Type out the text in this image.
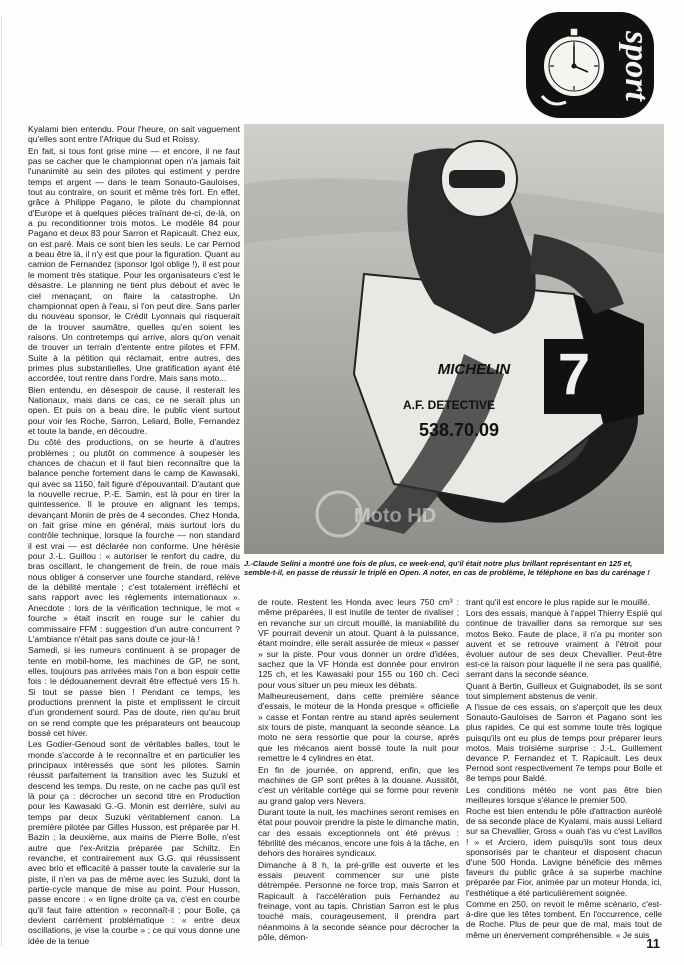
sport

Kyalami bien entendu. Pour l'heure, on sait vaguement qu'elles sont entre l'Afrique du Sud et Roissy.

En fait, si tous font grise mine — et encore, il ne faut pas se cacher que le championnat open n'a jamais fait l'unanimité au sein des pilotes qui estiment y perdre temps et argent — dans le team Sonauto-Gauloises, tout au contraire, on sourit et même très fort. En effet, grâce à Philippe Pagano, le pilote du championnat d'Europe et à quelques pièces traînant de-ci, de-là, on a pu reconditionner trois motos. Le modèle 84 pour Pagano et deux 83 pour Sarron et Rapicault. Chez eux, on est paré. Mais ce sont bien les seuls. Le car Pernod a beau être là, il n'y est que pour la figuration. Quant au camion de Fernandez (sponsor Igol oblige !), il est pour le moment très statique. Pour les organisateurs c'est le désastre. Le planning ne tient plus debout et avec le ciel menaçant, on flaire la catastrophe. Un championnat open à l'eau, si l'on peut dire. Sans parler du nouveau sponsor, le Crédit Lyonnais qui risquerait de la trouver saumâtre, quelles qu'en soient les raisons. Un contretemps qui arrive, alors qu'on venait de trouver un terrain d'entente entre pilotes et FFM. Suite à la pétition qui réclamait, entre autres, des primes plus substantielles. Une gratification ayant été accordée, tout rentre dans l'ordre. Mais sans moto...

Bien entendu, en désespoir de cause, il resterait les Nationaux, mais dans ce cas, ce ne serait plus un open. Et puis on a beau dire, le public vient surtout pour voir les Roche, Sarron, Leliard, Bolle, Fernandez et toute la bande, en découdre.

Du côté des productions, on se heurte à d'autres problèmes ; ou plutôt on commence à soupeser les chances de chacun et il faut bien reconnaître que la balance penche fortement dans le camp de Kawasaki, qui avec sa 1150, fait figure d'épouvantail. D'autant que la nouvelle recrue, P.-E. Samin, est là pour en tirer la quintessence. Il le prouve en alignant les temps, devançant Monin de près de 4 secondes. Chez Honda, on fait grise mine en général, mais surtout lors du contrôle technique, lorsque la fourche — non standard il est vrai — est déclarée non conforme. Une hérésie pour J.-L. Guillou : « autoriser le renfort du cadre, du bras oscillant, le changement de frein, de roue mais nous obliger à conserver une fourche standard, relève de la débilité mentale ; c'est totalement irréfléchi et sans rapport avec les règlements internationaux ». Anecdote : lors de la vérification technique, le mot « fourche » était inscrit en rouge sur le cahier du commissaire FFM : suggestion d'un autre concurrent ? L'ambiance n'était pas sans doute ce jour-là !

Samedi, si les rumeurs continuent à se propager de tente en mobil-home, les machines de GP, ne sont, elles, toujours pas arrivées mais l'on a bon espoir cette fois : le dédouanement devrait être effectué vers 15 h. Si tout se passe bien ! Pendant ce temps, les productions prennent la piste et emplissent le circuit d'un grondement sourd. Pas de doute, rien qu'au bruit on se rend compte que les préparateurs ont beaucoup bossé cet hiver.

Les Godier-Genoud sont de véritables balles, tout le monde s'accorde à le reconnaître et en particulier les principaux intéressés que sont les pilotes. Samin réussit parfaitement la transition avec les Suzuki et descend les temps. Du reste, on ne cache pas qu'il est là pour ça : décrocher un second titre en Production pour les Kawasaki G.-G. Monin est derrière, suivi au temps par deux Suzuki véritablement canon. La première pilotée par Gilles Husson, est préparée par H. Bazin ; la deuxième, aux mains de Pierre Bolle, n'est autre que l'ex-Aritzia préparée par Schiltz. En revanche, et contrairement aux G.G. qui réussissent avec brio et efficacité à passer toute la cavalerie sur la piste, il n'en va pas de même avec les Suzuki, dont la partie-cycle manque de mise au point. Pour Husson, passe encore : « en ligne droite ça va, c'est en courbe qu'il faut faire attention » reconnaît-il ; pour Bolle, ça devient carrément problématique : « entre deux oscillations, je vise la courbe » ; ce qui vous donne une idée de la tenue

7
MICHELIN
A.F. DETECTIVE
538.70.09
Moto HD
J.-Claude Selini a montré une fois de plus, ce week-end, qu'il était notre plus brillant représentant en 125 et, semble-t-il, en passe de réussir le triplé en Open. A noter, en cas de problème, le téléphone en bas du carénage !

de route. Restent les Honda avec leurs 750 cm³ : même préparées, il est inutile de tenter de rivaliser ; en revanche sur un circuit mouillé, la maniabilité du VF pourrait devenir un atout. Quant à la puissance, étant moindre, elle serait assurée de mieux « passer » sur la piste. Pour vous donner un ordre d'idées, sachez que la VF Honda est donnée pour environ 125 ch, et les Kawasaki pour 155 ou 160 ch. Ceci pour vous situer un peu mieux les débats.

Malheureusement, dans cette première séance d'essais, le moteur de la Honda presque « officielle » casse et Fontan rentre au stand après seulement six tours de piste, manquant la seconde séance. La moto ne sera ressortie que pour la course, après que les mécanos aient bossé toute la nuit pour remettre le 4 cylindres en état.

En fin de journée, on apprend, enfin, que les machines de GP sont prêtes à la douane. Aussitôt, c'est un véritable cortège qui se forme pour revenir au grand galop vers Nevers.

Durant toute la nuit, les machines seront remises en état pour pouvoir prendre la piste le dimanche matin, car des essais exceptionnels ont été prévus : fébrilité des mécanos, encore une fois à la tâche, en dehors des horaires syndicaux.

Dimanche à 8 h, la pré-grille est ouverte et les essais peuvent commencer sur une piste détrempée. Personne ne force trop, mais Sarron et Rapicault à l'accélération puis Fernandez au freinage, vont au tapis. Christian Sarron est le plus touché mais, courageusement, il prendra part néanmoins à la seconde séance pour décrocher la pôle, démon-

trant qu'il est encore le plus rapide sur le mouillé.

Lors des essais, manque à l'appel Thierry Espié qui continue de travailler dans sa remorque sur ses motos Beko. Faute de place, il n'a pu monter son auvent et se retrouve vraiment à l'étroit pour évoluer autour de ses deux Chevallier. Peut-être est-ce la raison pour laquelle il ne sera pas qualifié, serrant dans la seconde séance.

Quant à Bertin, Guilleux et Guignabodet, ils se sont tout simplement abstenus de venir.

A l'issue de ces essais, on s'aperçoit que les deux Sonauto-Gauloises de Sarron et Pagano sont les plus rapides. Ce qui est somme toute très logique puisqu'ils ont eu plus de temps pour préparer leurs motos. Mais troisième surprise : J.-L. Guillement devance P. Fernandez et T. Rapicault. Les deux Pernod sont respectivement 7e temps pour Bolle et 8e temps pour Baldé.

Les conditions météo ne vont pas être bien meilleures lorsque s'élance le premier 500.

Roche est bien entendu le pôle d'attraction auréolé de sa seconde place de Kyalami, mais aussi Leliard sur sa Chevallier, Gross « ouah t'as vu c'est Lavillos ! » et Arciero, idem puisqu'ils sont tous deux sponsorisés par le chanteur et disposent chacun d'une 500 Honda. Lavigne bénéficie des mêmes faveurs du public grâce à sa superbe machine préparée par Fior, animée par un moteur Honda, ici, l'esthétique a été particulièrement soignée.

Comme en 250, on revoit le même scénario, c'est-à-dire que les têtes tombent. En l'occurrence, celle de Roche. Plus de peur que de mal, mais tout de même un énervement compréhensible. « Je suis

11
